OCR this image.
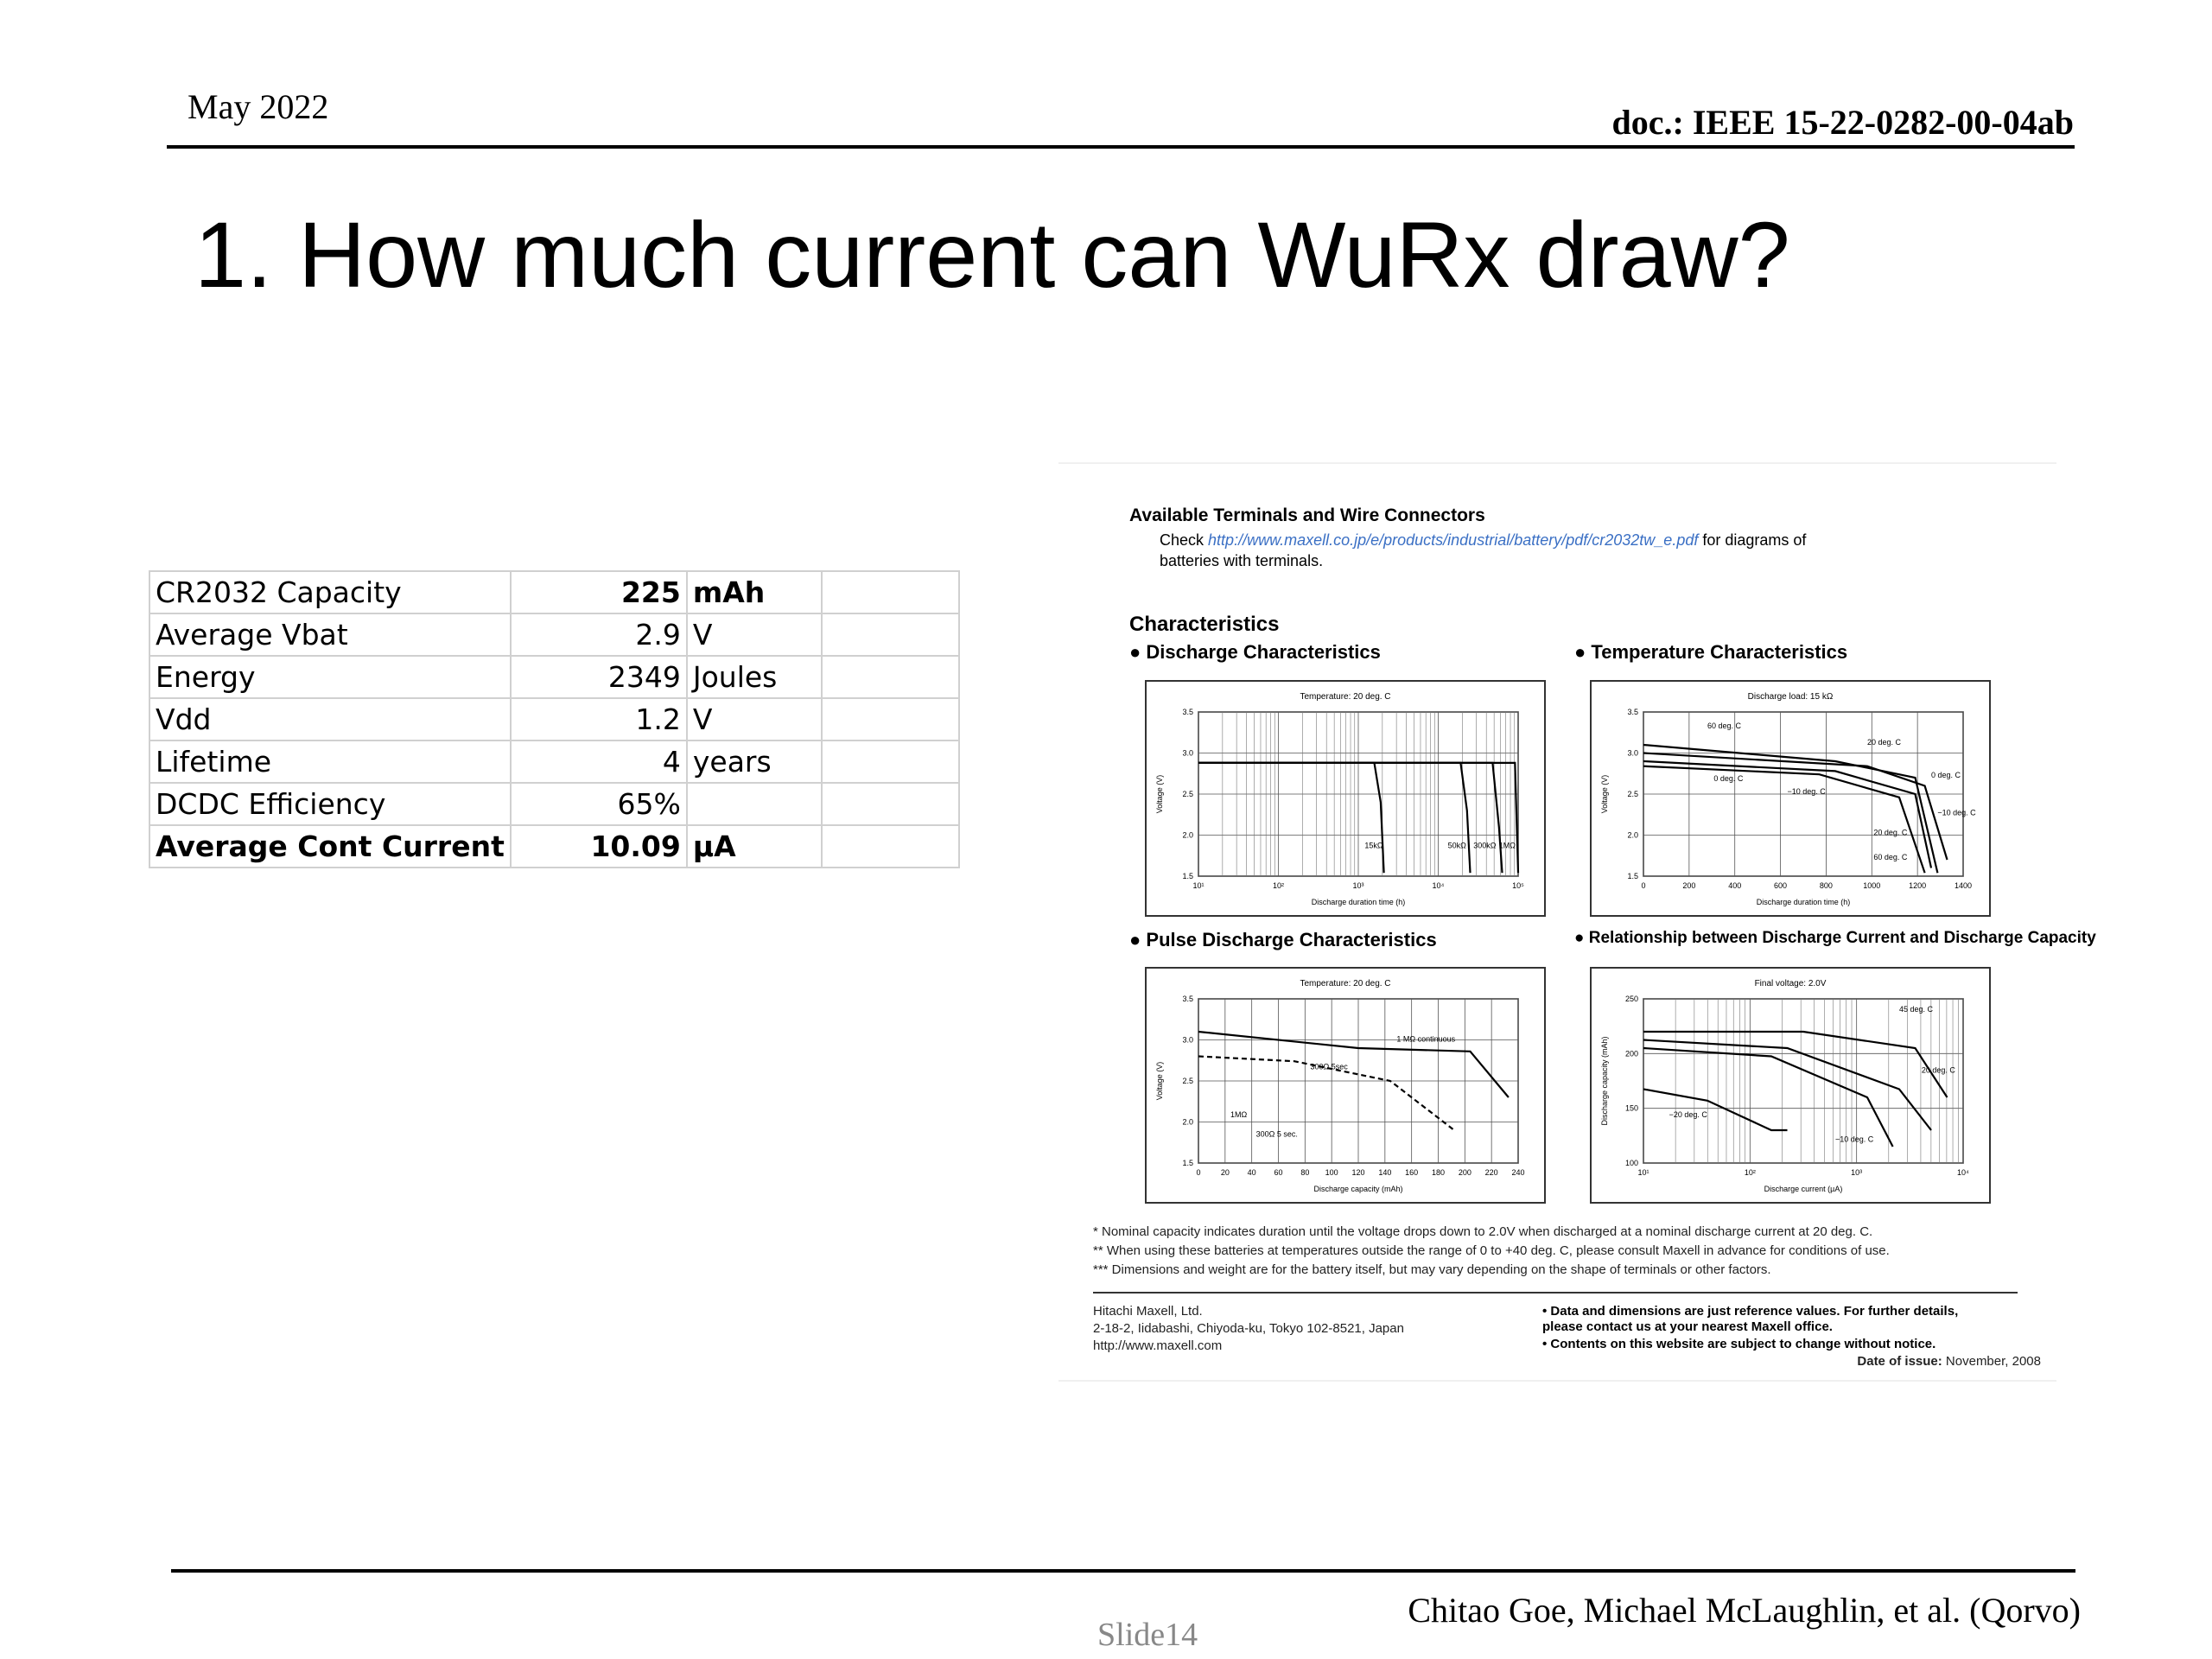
May 2022	doc.: IEEE 15-22-0282-00-04ab
1. How much current can WuRx draw?
CR2032 Capacity	225	mAh	
Average Vbat	2.9	V	
Energy	2349	Joules	
Vdd	1.2	V	
Lifetime	4	years	
DCDC Efficiency	65%		
Average Cont Current	10.09	µA	
Available Terminals and Wire Connectors
Check http://www.maxell.co.jp/e/products/industrial/battery/pdf/cr2032tw_e.pdf for diagrams of
batteries with terminals.
Characteristics
● Discharge Characteristics
Temperature: 20 deg. C
3.5
3.0
2.5
2.0
1.5
10¹	10²	10³	10⁴	10⁵
Discharge duration time (h)
Voltage (V)
15kΩ	50kΩ 300kΩ 1MΩ
● Temperature Characteristics
Discharge load: 15 kΩ
3.5
3.0
2.5
2.0
1.5
0	200	400	600	800	1000	1200	1400
Discharge duration time (h)
Voltage (V)
60 deg. C
20 deg. C
0 deg. C
−10 deg. C
0 deg. C
−10 deg. C
20 deg. C
60 deg. C
● Pulse Discharge Characteristics
Temperature: 20 deg. C
3.5
3.0
2.5
2.0
1.5
0	20 40 60 80 100 120 140 160 180 200 220 240
Discharge capacity (mAh)
Voltage (V)
1 MΩ continuous
300Ω 5sec
1MΩ
300Ω 5 sec.
● Relationship between Discharge Current and Discharge Capacity
Final voltage: 2.0V
250
200
150
100
10¹	10²	10³	10⁴
Discharge current (µA)
Discharge capacity (mAh)
45 deg. C
20 deg. C
−20 deg. C
−10 deg. C
* Nominal capacity indicates duration until the voltage drops down to 2.0V when discharged at a nominal discharge current at 20 deg. C.
** When using these batteries at temperatures outside the range of 0 to +40 deg. C, please consult Maxell in advance for conditions of use.
*** Dimensions and weight are for the battery itself, but may vary depending on the shape of terminals or other factors.
Hitachi Maxell, Ltd.
2-18-2, Iidabashi, Chiyoda-ku, Tokyo 102-8521, Japan
http://www.maxell.com
• Data and dimensions are just reference values. For further details,
please contact us at your nearest Maxell office.
• Contents on this website are subject to change without notice.
Date of issue: November, 2008
Slide14
Chitao Goe, Michael McLaughlin, et al. (Qorvo)
